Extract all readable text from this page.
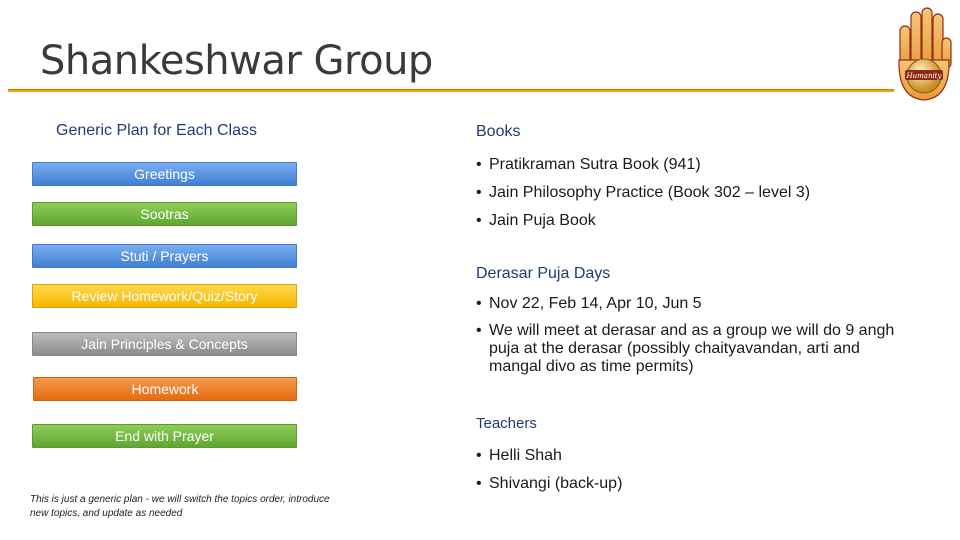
Shankeshwar Group	Humanity
Generic Plan for Each Class
Greetings
Sootras
Stuti / Prayers
Review Homework/Quiz/Story
Jain Principles & Concepts
Homework
End with Prayer
This is just a generic plan - we will switch the topics order, introduce new topics, and update as needed
Books
• Pratikraman Sutra Book (941)
• Jain Philosophy Practice (Book 302 – level 3)
• Jain Puja Book
Derasar Puja Days
• Nov 22, Feb 14, Apr 10, Jun 5
• We will meet at derasar and as a group we will do 9 angh puja at the derasar (possibly chaityavandan, arti and mangal divo as time permits)
Teachers
• Helli Shah
• Shivangi (back-up)
